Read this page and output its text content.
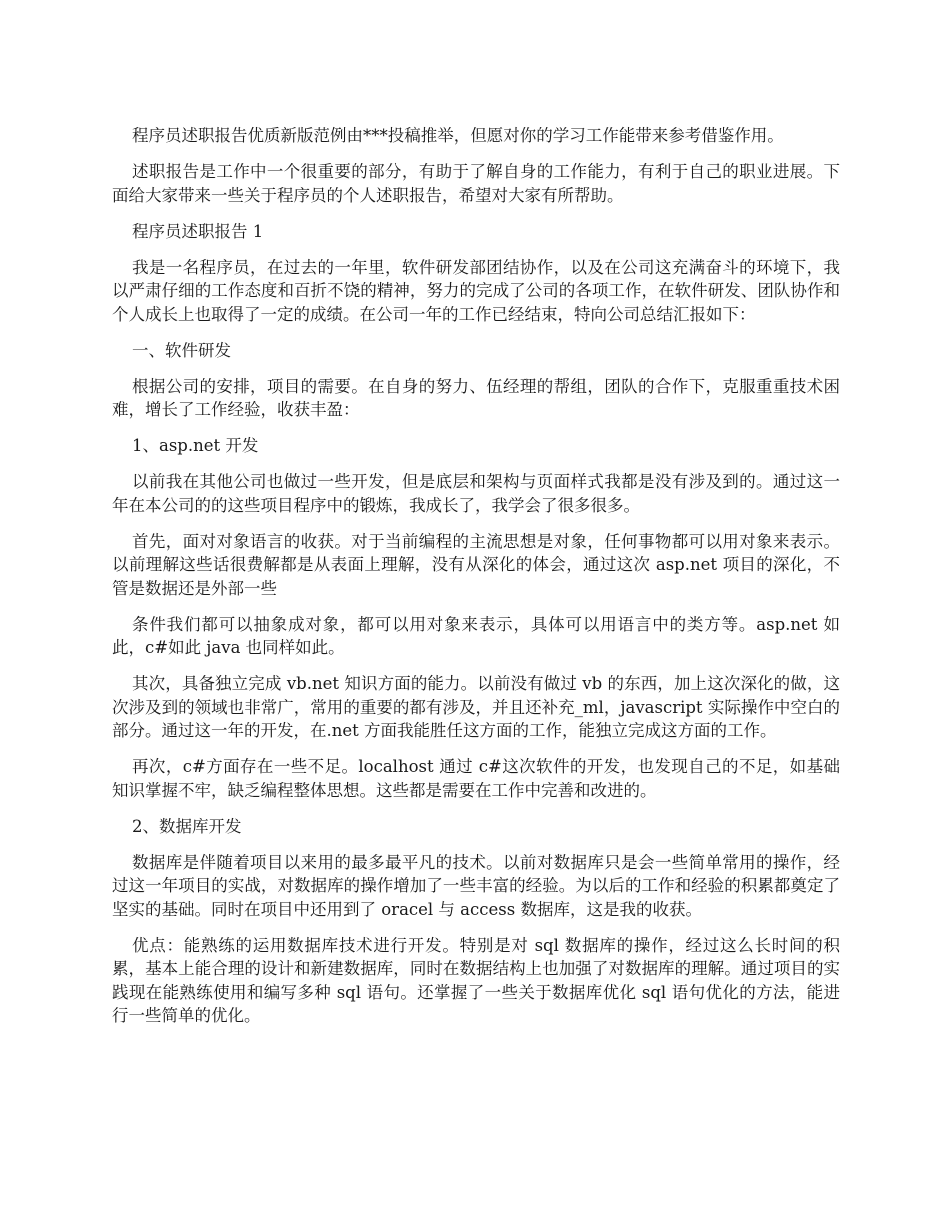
程序员述职报告优质新版范例由***投稿推举，但愿对你的学习工作能带来参考借鉴作用。

述职报告是工作中一个很重要的部分，有助于了解自身的工作能力，有利于自己的职业进展。下面给大家带来一些关于程序员的个人述职报告，希望对大家有所帮助。

程序员述职报告 1

我是一名程序员，在过去的一年里，软件研发部团结协作，以及在公司这充满奋斗的环境下，我以严肃仔细的工作态度和百折不饶的精神，努力的完成了公司的各项工作，在软件研发、团队协作和个人成长上也取得了一定的成绩。在公司一年的工作已经结束，特向公司总结汇报如下：

一、软件研发

根据公司的安排，项目的需要。在自身的努力、伍经理的帮组，团队的合作下，克服重重技术困难，增长了工作经验，收获丰盈：

1、asp.net 开发

以前我在其他公司也做过一些开发，但是底层和架构与页面样式我都是没有涉及到的。通过这一年在本公司的的这些项目程序中的锻炼，我成长了，我学会了很多很多。

首先，面对对象语言的收获。对于当前编程的主流思想是对象，任何事物都可以用对象来表示。以前理解这些话很费解都是从表面上理解，没有从深化的体会，通过这次 asp.net 项目的深化，不管是数据还是外部一些

条件我们都可以抽象成对象，都可以用对象来表示，具体可以用语言中的类方等。asp.net 如此，c#如此 java 也同样如此。

其次，具备独立完成 vb.net 知识方面的能力。以前没有做过 vb 的东西，加上这次深化的做，这次涉及到的领域也非常广，常用的重要的都有涉及，并且还补充_ml，javascript 实际操作中空白的部分。通过这一年的开发，在.net 方面我能胜任这方面的工作，能独立完成这方面的工作。

再次，c#方面存在一些不足。localhost 通过 c#这次软件的开发，也发现自己的不足，如基础知识掌握不牢，缺乏编程整体思想。这些都是需要在工作中完善和改进的。

2、数据库开发

数据库是伴随着项目以来用的最多最平凡的技术。以前对数据库只是会一些简单常用的操作，经过这一年项目的实战，对数据库的操作增加了一些丰富的经验。为以后的工作和经验的积累都奠定了坚实的基础。同时在项目中还用到了 oracel 与 access 数据库，这是我的收获。

优点：能熟练的运用数据库技术进行开发。特别是对 sql 数据库的操作，经过这么长时间的积累，基本上能合理的设计和新建数据库，同时在数据结构上也加强了对数据库的理解。通过项目的实践现在能熟练使用和编写多种 sql 语句。还掌握了一些关于数据库优化 sql 语句优化的方法，能进行一些简单的优化。
